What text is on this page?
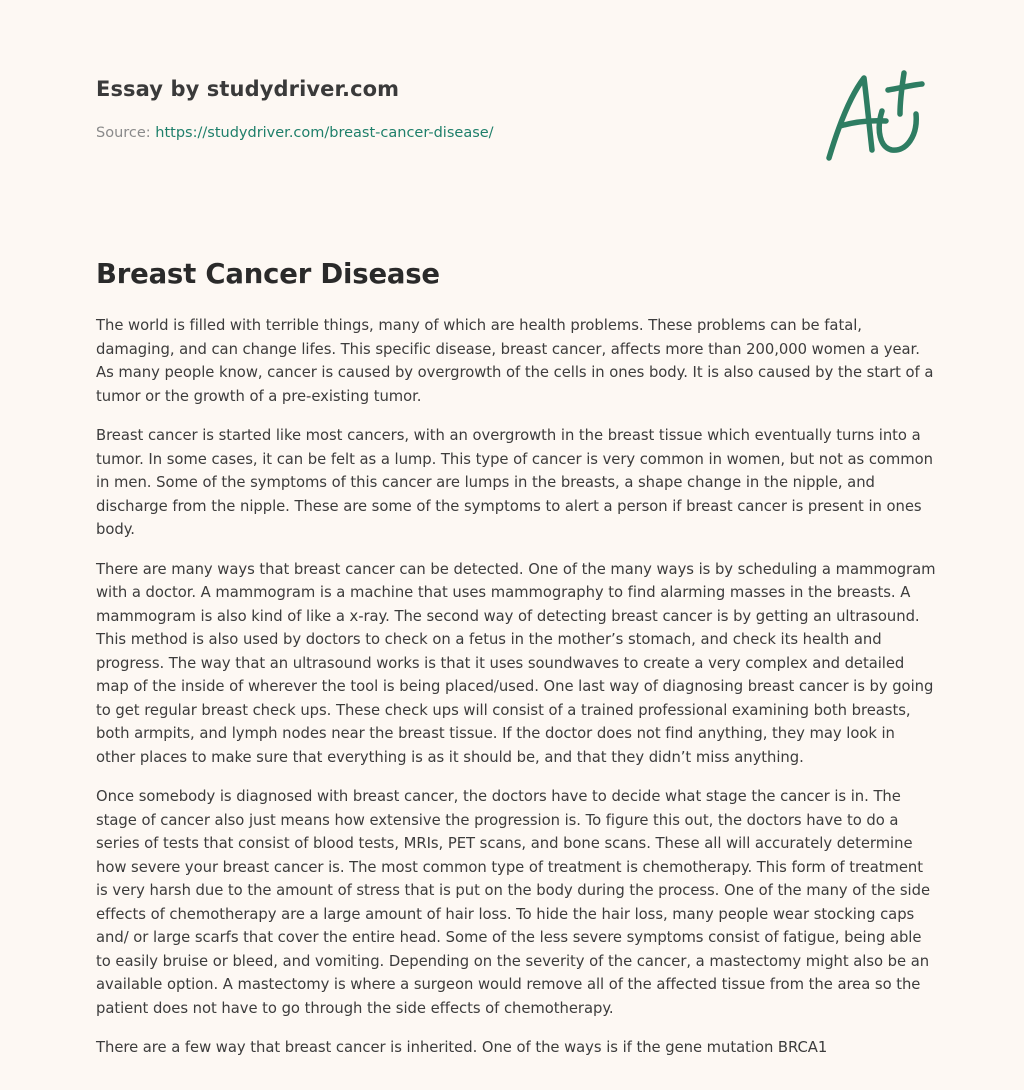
Essay by studydriver.com
Source: https://studydriver.com/breast-cancer-disease/
Breast Cancer Disease

The world is filled with terrible things, many of which are health problems. These problems can be fatal, damaging, and can change lifes. This specific disease, breast cancer, affects more than 200,000 women a year. As many people know, cancer is caused by overgrowth of the cells in ones body. It is also caused by the start of a tumor or the growth of a pre-existing tumor.

Breast cancer is started like most cancers, with an overgrowth in the breast tissue which eventually turns into a tumor. In some cases, it can be felt as a lump. This type of cancer is very common in women, but not as common in men. Some of the symptoms of this cancer are lumps in the breasts, a shape change in the nipple, and discharge from the nipple. These are some of the symptoms to alert a person if breast cancer is present in ones body.

There are many ways that breast cancer can be detected. One of the many ways is by scheduling a mammogram with a doctor. A mammogram is a machine that uses mammography to find alarming masses in the breasts. A mammogram is also kind of like a x-ray. The second way of detecting breast cancer is by getting an ultrasound. This method is also used by doctors to check on a fetus in the mother’s stomach, and check its health and progress. The way that an ultrasound works is that it uses soundwaves to create a very complex and detailed map of the inside of wherever the tool is being placed/used. One last way of diagnosing breast cancer is by going to get regular breast check ups. These check ups will consist of a trained professional examining both breasts, both armpits, and lymph nodes near the breast tissue. If the doctor does not find anything, they may look in other places to make sure that everything is as it should be, and that they didn’t miss anything.

Once somebody is diagnosed with breast cancer, the doctors have to decide what stage the cancer is in. The stage of cancer also just means how extensive the progression is. To figure this out, the doctors have to do a series of tests that consist of blood tests, MRIs, PET scans, and bone scans. These all will accurately determine how severe your breast cancer is. The most common type of treatment is chemotherapy. This form of treatment is very harsh due to the amount of stress that is put on the body during the process. One of the many of the side effects of chemotherapy are a large amount of hair loss. To hide the hair loss, many people wear stocking caps and/ or large scarfs that cover the entire head. Some of the less severe symptoms consist of fatigue, being able to easily bruise or bleed, and vomiting. Depending on the severity of the cancer, a mastectomy might also be an available option. A mastectomy is where a surgeon would remove all of the affected tissue from the area so the patient does not have to go through the side effects of chemotherapy.

There are a few way that breast cancer is inherited. One of the ways is if the gene mutation BRCA1
